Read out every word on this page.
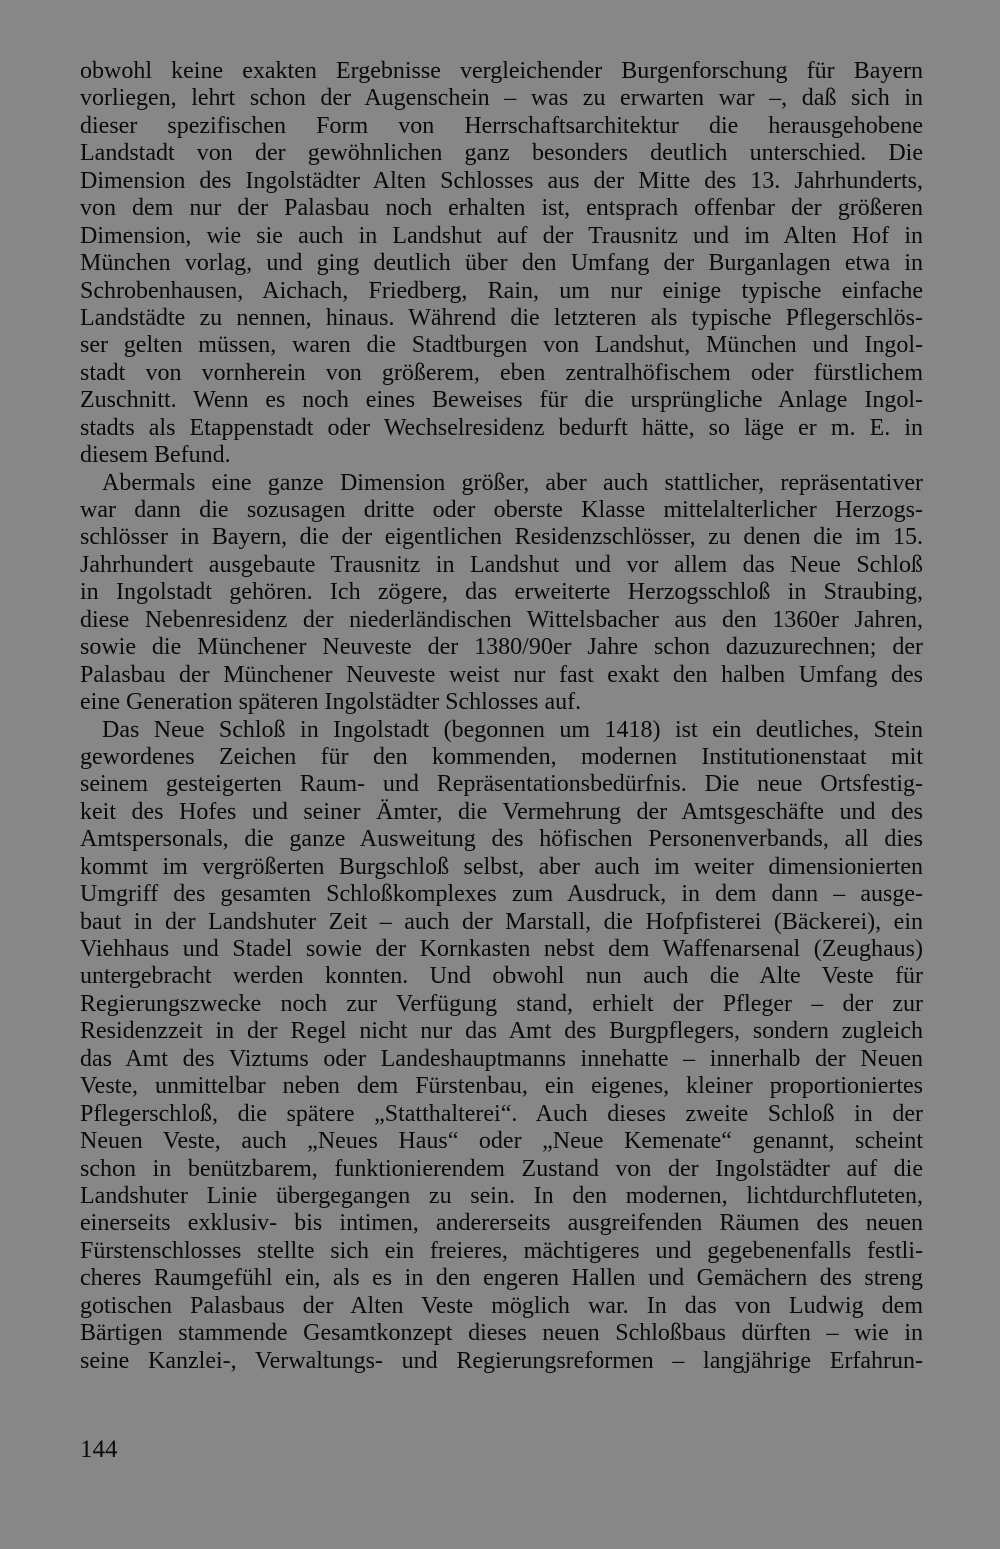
obwohl keine exakten Ergebnisse vergleichender Burgenforschung für Bayern
vorliegen, lehrt schon der Augenschein – was zu erwarten war –, daß sich in
dieser spezifischen Form von Herrschaftsarchitektur die herausgehobene
Landstadt von der gewöhnlichen ganz besonders deutlich unterschied. Die
Dimension des Ingolstädter Alten Schlosses aus der Mitte des 13. Jahrhunderts,
von dem nur der Palasbau noch erhalten ist, entsprach offenbar der größeren
Dimension, wie sie auch in Landshut auf der Trausnitz und im Alten Hof in
München vorlag, und ging deutlich über den Umfang der Burganlagen etwa in
Schrobenhausen, Aichach, Friedberg, Rain, um nur einige typische einfache
Landstädte zu nennen, hinaus. Während die letzteren als typische Pflegerschlös-
ser gelten müssen, waren die Stadtburgen von Landshut, München und Ingol-
stadt von vornherein von größerem, eben zentralhöfischem oder fürstlichem
Zuschnitt. Wenn es noch eines Beweises für die ursprüngliche Anlage Ingol-
stadts als Etappenstadt oder Wechselresidenz bedurft hätte, so läge er m. E. in
diesem Befund.
Abermals eine ganze Dimension größer, aber auch stattlicher, repräsentativer
war dann die sozusagen dritte oder oberste Klasse mittelalterlicher Herzogs-
schlösser in Bayern, die der eigentlichen Residenzschlösser, zu denen die im 15.
Jahrhundert ausgebaute Trausnitz in Landshut und vor allem das Neue Schloß
in Ingolstadt gehören. Ich zögere, das erweiterte Herzogsschloß in Straubing,
diese Nebenresidenz der niederländischen Wittelsbacher aus den 1360er Jahren,
sowie die Münchener Neuveste der 1380/90er Jahre schon dazuzurechnen; der
Palasbau der Münchener Neuveste weist nur fast exakt den halben Umfang des
eine Generation späteren Ingolstädter Schlosses auf.
Das Neue Schloß in Ingolstadt (begonnen um 1418) ist ein deutliches, Stein
gewordenes Zeichen für den kommenden, modernen Institutionenstaat mit
seinem gesteigerten Raum- und Repräsentationsbedürfnis. Die neue Ortsfestig-
keit des Hofes und seiner Ämter, die Vermehrung der Amtsgeschäfte und des
Amtspersonals, die ganze Ausweitung des höfischen Personenverbands, all dies
kommt im vergrößerten Burgschloß selbst, aber auch im weiter dimensionierten
Umgriff des gesamten Schloßkomplexes zum Ausdruck, in dem dann – ausge-
baut in der Landshuter Zeit – auch der Marstall, die Hofpfisterei (Bäckerei), ein
Viehhaus und Stadel sowie der Kornkasten nebst dem Waffenarsenal (Zeughaus)
untergebracht werden konnten. Und obwohl nun auch die Alte Veste für
Regierungszwecke noch zur Verfügung stand, erhielt der Pfleger – der zur
Residenzzeit in der Regel nicht nur das Amt des Burgpflegers, sondern zugleich
das Amt des Viztums oder Landeshauptmanns innehatte – innerhalb der Neuen
Veste, unmittelbar neben dem Fürstenbau, ein eigenes, kleiner proportioniertes
Pflegerschloß, die spätere „Statthalterei“. Auch dieses zweite Schloß in der
Neuen Veste, auch „Neues Haus“ oder „Neue Kemenate“ genannt, scheint
schon in benützbarem, funktionierendem Zustand von der Ingolstädter auf die
Landshuter Linie übergegangen zu sein. In den modernen, lichtdurchfluteten,
einerseits exklusiv- bis intimen, andererseits ausgreifenden Räumen des neuen
Fürstenschlosses stellte sich ein freieres, mächtigeres und gegebenenfalls festli-
cheres Raumgefühl ein, als es in den engeren Hallen und Gemächern des streng
gotischen Palasbaus der Alten Veste möglich war. In das von Ludwig dem
Bärtigen stammende Gesamtkonzept dieses neuen Schloßbaus dürften – wie in
seine Kanzlei-, Verwaltungs- und Regierungsreformen – langjährige Erfahrun-
144
